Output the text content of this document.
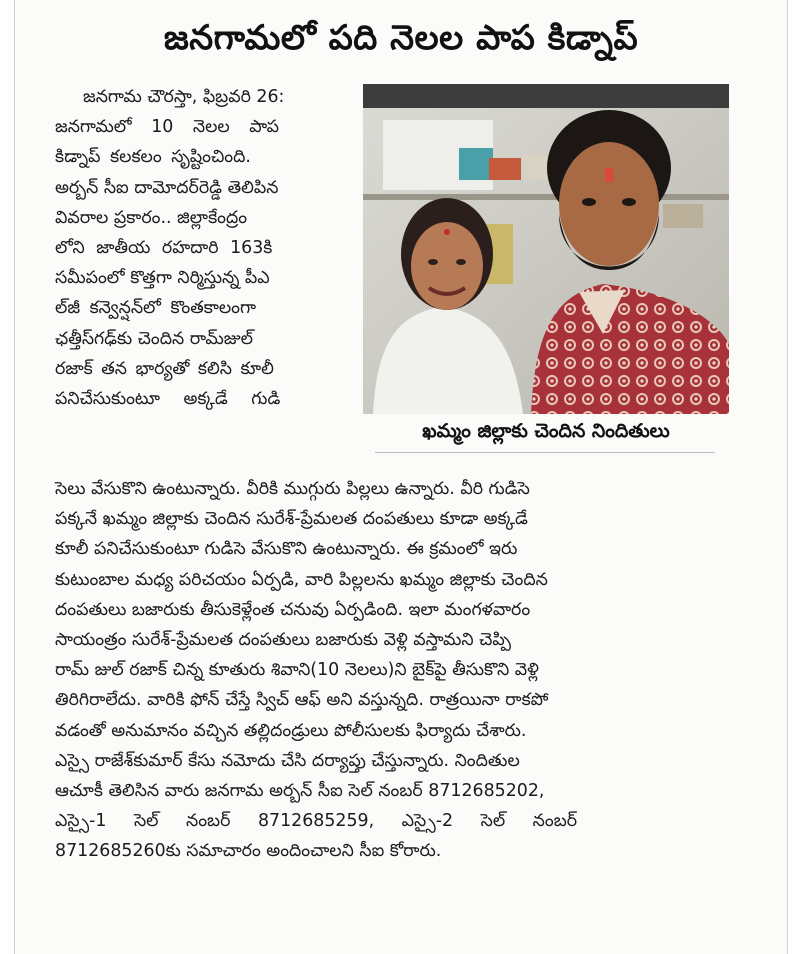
జనగామలో పది నెలల పాప కిడ్నాప్
జనగామ చౌరస్తా, ఫిబ్రవరి 26:
జనగామలో 10 నెలల పాప
కిడ్నాప్ కలకలం సృష్టించింది.
అర్బన్ సీఐ దామోదర్‌రెడ్డి తెలిపిన
వివరాల ప్రకారం.. జిల్లాకేంద్రం
లోని జాతీయ రహదారి 163కి
సమీపంలో కొత్తగా నిర్మిస్తున్న పీఎ
ల్‌జీ కన్వెన్షన్‌లో కొంతకాలంగా
ఛత్తీస్‌గఢ్‌కు చెందిన రామ్‌జుల్
రజాక్ తన భార్యతో కలిసి కూలీ
పనిచేసుకుంటూ అక్కడే గుడి
ఖమ్మం జిల్లాకు చెందిన నిందితులు
సెలు వేసుకొని ఉంటున్నారు. వీరికి ముగ్గురు పిల్లలు ఉన్నారు. వీరి గుడిసె
పక్కనే ఖమ్మం జిల్లాకు చెందిన సురేశ్-ప్రేమలత దంపతులు కూడా అక్కడే
కూలీ పనిచేసుకుంటూ గుడిసె వేసుకొని ఉంటున్నారు. ఈ క్రమంలో ఇరు
కుటుంబాల మధ్య పరిచయం ఏర్పడి, వారి పిల్లలను ఖమ్మం జిల్లాకు చెందిన
దంపతులు బజారుకు తీసుకెళ్లేంత చనువు ఏర్పడింది. ఇలా మంగళవారం
సాయంత్రం సురేశ్-ప్రేమలత దంపతులు బజారుకు వెళ్లి వస్తామని చెప్పి
రామ్ జుల్ రజాక్ చిన్న కూతురు శివాని(10 నెలలు)ని బైక్‌పై తీసుకొని వెళ్లి
తిరిగిరాలేదు. వారికి ఫోన్ చేస్తే స్విచ్ ఆఫ్ అని వస్తున్నది. రాత్రయినా రాకపో
వడంతో అనుమానం వచ్చిన తల్లిదండ్రులు పోలీసులకు ఫిర్యాదు చేశారు.
ఎస్సై రాజేశ్‌కుమార్ కేసు నమోదు చేసి దర్యాప్తు చేస్తున్నారు. నిందితుల
ఆచూకీ తెలిసిన వారు జనగామ అర్బన్ సీఐ సెల్ నంబర్ 8712685202,
ఎస్సై-1 సెల్ నంబర్ 8712685259, ఎస్సై-2 సెల్ నంబర్
8712685260కు సమాచారం అందించాలని సీఐ కోరారు.
